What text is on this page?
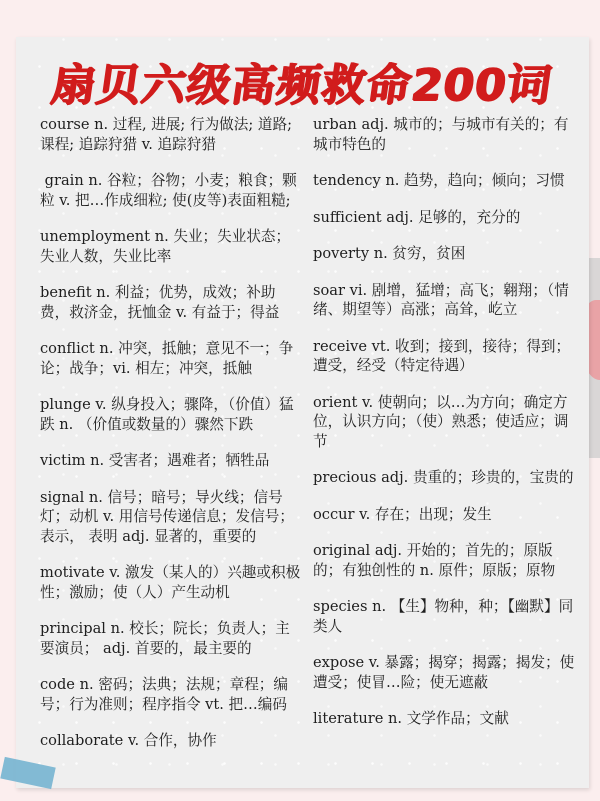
扇贝六级高频救命200词

course n. 过程, 进展; 行为做法; 道路; 课程; 追踪狩猎 v. 追踪狩猎

grain n. 谷粒；谷物；小麦；粮食；颗粒 v. 把…作成细粒; 使(皮等)表面粗糙;

unemployment n. 失业；失业状态；失业人数，失业比率

benefit n. 利益；优势，成效；补助费，救济金，抚恤金 v. 有益于；得益

conflict n. 冲突，抵触；意见不一；争论；战争；vi. 相左；冲突，抵触

plunge v. 纵身投入；骤降，（价值）猛跌 n. （价值或数量的）骤然下跌

victim n. 受害者；遇难者；牺牲品

signal n. 信号；暗号；导火线；信号灯；动机 v. 用信号传递信息；发信号；表示， 表明 adj. 显著的，重要的

motivate v. 激发（某人的）兴趣或积极性；激励；使（人）产生动机

principal n. 校长；院长；负责人；主要演员； adj. 首要的，最主要的

code n. 密码；法典；法规；章程；编号；行为准则；程序指令 vt. 把…编码

collaborate v. 合作，协作

urban adj. 城市的；与城市有关的；有城市特色的

tendency n. 趋势，趋向；倾向；习惯

sufficient adj. 足够的，充分的

poverty n. 贫穷，贫困

soar vi. 剧增，猛增；高飞；翱翔；（情绪、期望等）高涨；高耸，屹立

receive vt. 收到；接到，接待；得到；遭受，经受（特定待遇）

orient v. 使朝向；以…为方向；确定方位，认识方向；（使）熟悉；使适应；调节

precious adj. 贵重的；珍贵的，宝贵的

occur v. 存在；出现；发生

original adj. 开始的；首先的；原版的；有独创性的 n. 原件；原版；原物

species n. 【生】物种，种；【幽默】同类人

expose v. 暴露；揭穿；揭露；揭发；使遭受；使冒…险；使无遮蔽

literature n. 文学作品；文献
